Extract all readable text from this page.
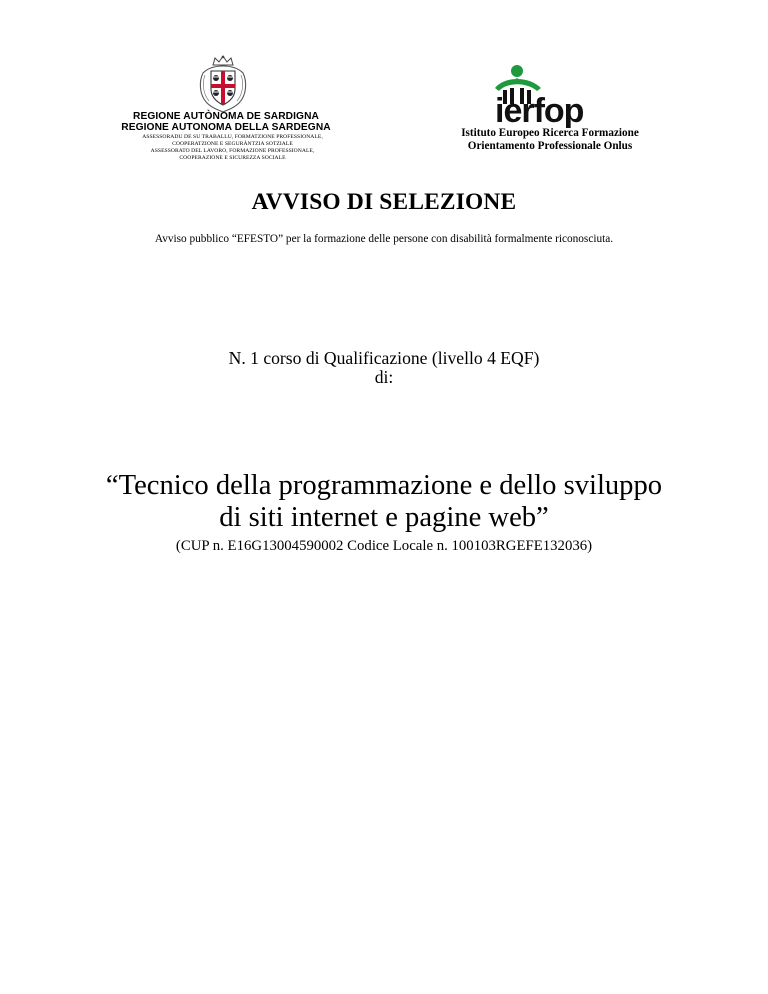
REGIONE AUTÒNOMA DE SARDIGNA
REGIONE AUTONOMA DELLA SARDEGNA
ASSESSORADU DE SU TRABALLU, FORMATZIONE PROFESSIONALE,
COOPERATZIONE E SEGURÀNTZIA SOTZIALE
ASSESSORATO DEL LAVORO, FORMAZIONE PROFESSIONALE,
COOPERAZIONE E SICUREZZA SOCIALE
ierfop
Istituto Europeo Ricerca Formazione
Orientamento Professionale Onlus
AVVISO DI SELEZIONE
Avviso pubblico “EFESTO” per la formazione delle persone con disabilità formalmente riconosciuta.
N. 1 corso di Qualificazione (livello 4 EQF)
di:
“Tecnico della programmazione e dello sviluppo
di siti internet e pagine web”
(CUP n. E16G13004590002 Codice Locale n. 100103RGEFE132036)
